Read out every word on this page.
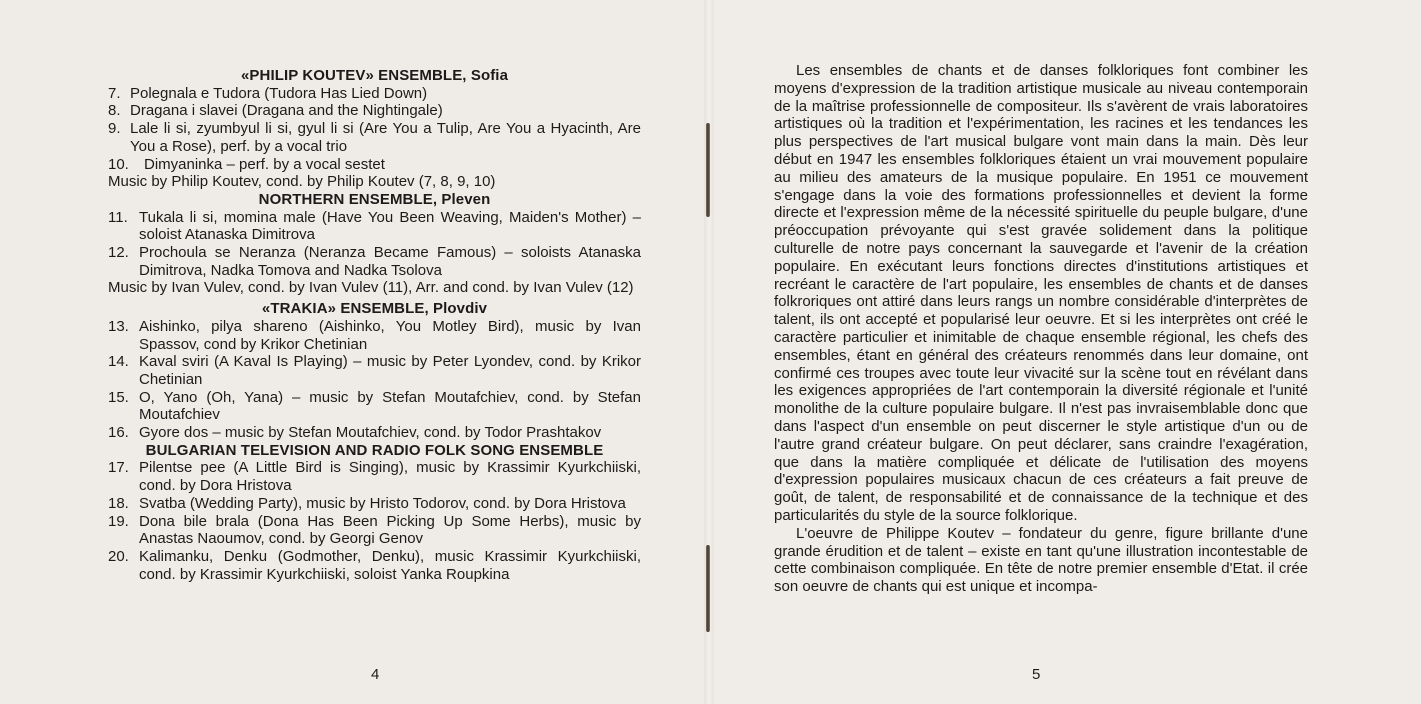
«PHILIP KOUTEV» ENSEMBLE, Sofia
7. Polegnala e Tudora (Tudora Has Lied Down)
8. Dragana i slavei (Dragana and the Nightingale)
9. Lale li si, zyumbyul li si, gyul li si (Are You a Tulip, Are You a Hyacinth, Are You a Rose), perf. by a vocal trio
10.	Dimyaninka – perf. by a vocal sestet
Music by Philip Koutev, cond. by Philip Koutev (7, 8, 9, 10)
NORTHERN ENSEMBLE, Pleven
11. Tukala li si, momina male (Have You Been Weaving, Maiden's Mother) – soloist Atanaska Dimitrova
12. Prochoula se Neranza (Neranza Became Famous) – soloists Atanaska Dimitrova, Nadka Tomova and Nadka Tsolova
Music by Ivan Vulev, cond. by Ivan Vulev (11), Arr. and cond. by Ivan Vulev (12)
«TRAKIA» ENSEMBLE, Plovdiv
13. Aishinko, pilya shareno (Aishinko, You Motley Bird), music by Ivan Spassov, cond by Krikor Chetinian
14. Kaval sviri (A Kaval Is Playing) – music by Peter Lyondev, cond. by Krikor Chetinian
15. O, Yano (Oh, Yana) – music by Stefan Moutafchiev, cond. by Stefan Moutafchiev
16. Gyore dos – music by Stefan Moutafchiev, cond. by Todor Prashtakov
BULGARIAN TELEVISION AND RADIO FOLK SONG ENSEMBLE
17. Pilentse pee (A Little Bird is Singing), music by Krassimir Kyurkchiiski, cond. by Dora Hristova
18. Svatba (Wedding Party), music by Hristo Todorov, cond. by Dora Hristova
19. Dona bile brala (Dona Has Been Picking Up Some Herbs), music by Anastas Naoumov, cond. by Georgi Genov
20. Kalimanku, Denku (Godmother, Denku), music Krassimir Kyurkchiiski, cond. by Krassimir Kyurkchiiski, soloist Yanka Roupkina
4

Les ensembles de chants et de danses folkloriques font combiner les moyens d'expression de la tradition artistique musicale au niveau contemporain de la maîtrise professionnelle de compositeur. Ils s'avèrent de vrais laboratoires artistiques où la tradition et l'expérimentation, les racines et les tendances les plus perspectives de l'art musical bulgare vont main dans la main. Dès leur début en 1947 les ensembles folkloriques étaient un vrai mouvement populaire au milieu des amateurs de la musique populaire. En 1951 ce mouvement s'engage dans la voie des formations professionnelles et devient la forme directe et l'expression même de la nécessité spirituelle du peuple bulgare, d'une préoccupation prévoyante qui s'est gravée solidement dans la politique culturelle de notre pays concernant la sauvegarde et l'avenir de la création populaire. En exécutant leurs fonctions directes d'institutions artistiques et recréant le caractère de l'art populaire, les ensembles de chants et de danses folkroriques ont attiré dans leurs rangs un nombre considérable d'interprètes de talent, ils ont accepté et popularisé leur oeuvre. Et si les interprètes ont créé le caractère particulier et inimitable de chaque ensemble régional, les chefs des ensembles, étant en général des créateurs renommés dans leur domaine, ont confirmé ces troupes avec toute leur vivacité sur la scène tout en révélant dans les exigences appropriées de l'art contemporain la diversité régionale et l'unité monolithe de la culture populaire bulgare. Il n'est pas invraisemblable donc que dans l'aspect d'un ensemble on peut discerner le style artistique d'un ou de l'autre grand créateur bulgare. On peut déclarer, sans craindre l'exagération, que dans la matière compliquée et délicate de l'utilisation des moyens d'expression populaires musicaux chacun de ces créateurs a fait preuve de goût, de talent, de responsabilité et de connaissance de la technique et des particularités du style de la source folklorique.

L'oeuvre de Philippe Koutev – fondateur du genre, figure brillante d'une grande érudition et de talent – existe en tant qu'une illustration incontestable de cette combinaison compliquée. En tête de notre premier ensemble d'Etat. il crée son oeuvre de chants qui est unique et incompa-

5
